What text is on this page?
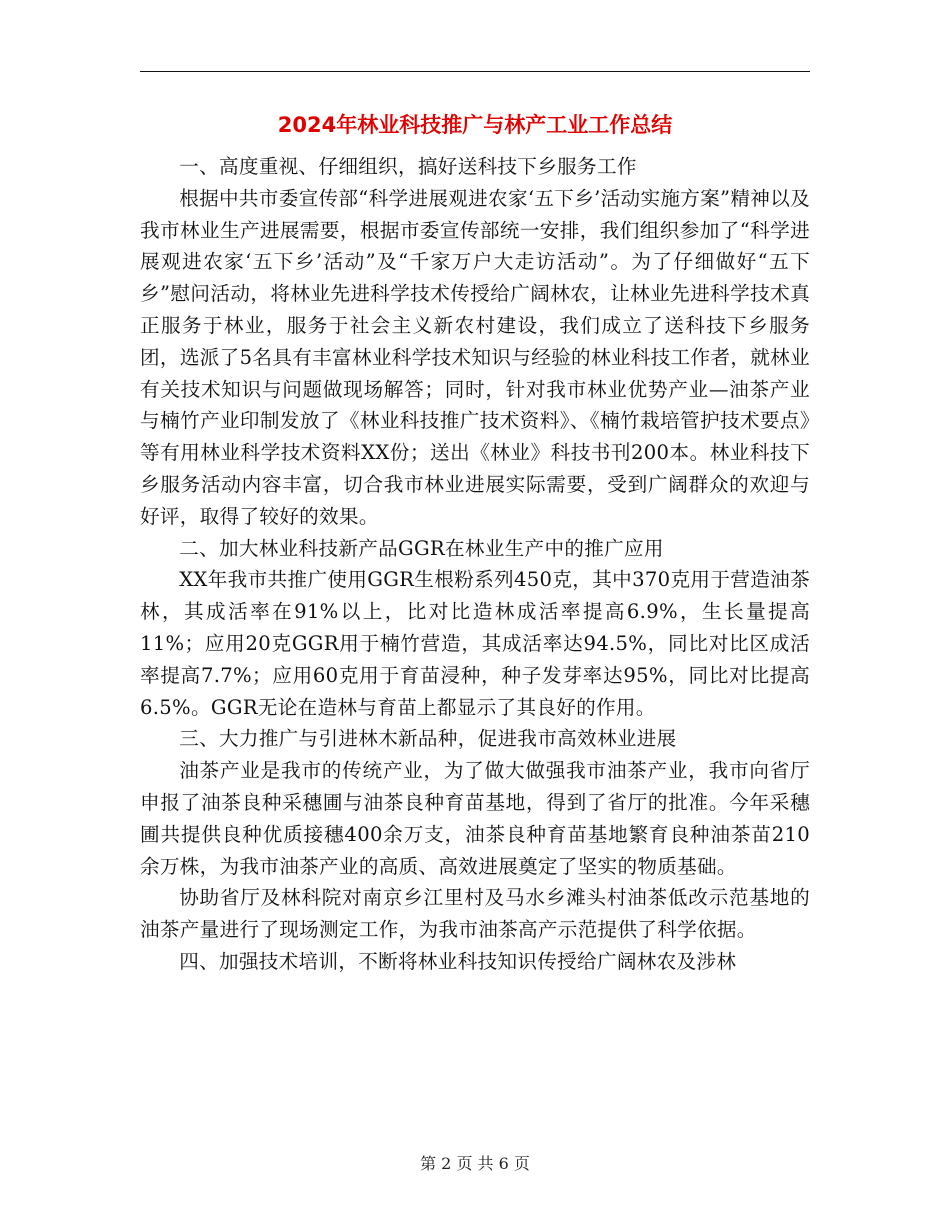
2024年林业科技推广与林产工业工作总结

一、高度重视、仔细组织，搞好送科技下乡服务工作

根据中共市委宣传部“科学进展观进农家‘五下乡’活动实施方案”精神以及我市林业生产进展需要，根据市委宣传部统一安排，我们组织参加了“科学进展观进农家‘五下乡’活动”及“千家万户大走访活动”。为了仔细做好“五下乡”慰问活动，将林业先进科学技术传授给广阔林农，让林业先进科学技术真正服务于林业，服务于社会主义新农村建设，我们成立了送科技下乡服务团，选派了5名具有丰富林业科学技术知识与经验的林业科技工作者，就林业有关技术知识与问题做现场解答；同时，针对我市林业优势产业—油茶产业与楠竹产业印制发放了《林业科技推广技术资料》、《楠竹栽培管护技术要点》等有用林业科学技术资料XX份；送出《林业》科技书刊200本。林业科技下乡服务活动内容丰富，切合我市林业进展实际需要，受到广阔群众的欢迎与好评，取得了较好的效果。

二、加大林业科技新产品GGR在林业生产中的推广应用

XX年我市共推广使用GGR生根粉系列450克，其中370克用于营造油茶林，其成活率在91%以上，比对比造林成活率提高6.9%，生长量提高11%；应用20克GGR用于楠竹营造，其成活率达94.5%，同比对比区成活率提高7.7%；应用60克用于育苗浸种，种子发芽率达95%，同比对比提高6.5%。GGR无论在造林与育苗上都显示了其良好的作用。

三、大力推广与引进林木新品种，促进我市高效林业进展

油茶产业是我市的传统产业，为了做大做强我市油茶产业，我市向省厅申报了油茶良种采穗圃与油茶良种育苗基地，得到了省厅的批准。今年采穗圃共提供良种优质接穗400余万支，油茶良种育苗基地繁育良种油茶苗210余万株，为我市油茶产业的高质、高效进展奠定了坚实的物质基础。

协助省厅及林科院对南京乡江里村及马水乡滩头村油茶低改示范基地的油茶产量进行了现场测定工作，为我市油茶高产示范提供了科学依据。

四、加强技术培训，不断将林业科技知识传授给广阔林农及涉林

第 2 页 共 6 页
